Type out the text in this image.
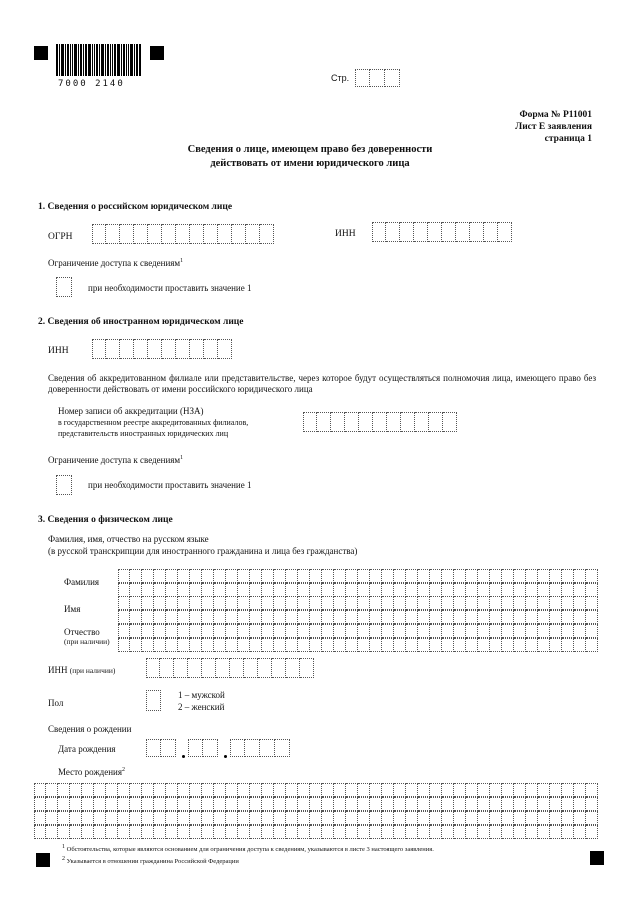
7000 2140
Стр.
Форма № Р11001
Лист Е заявления
страница 1
Сведения о лице, имеющем право без доверенности
действовать от имени юридического лица
1. Сведения о российском юридическом лице
ОГРН	ИНН
Ограничение доступа к сведениям$^1$
при необходимости проставить значение 1
2. Сведения об иностранном юридическом лице
ИНН
Сведения об аккредитованном филиале или представительстве, через которое будут осуществляться полномочия лица, имеющего право без доверенности действовать от имени российского юридического лица
Номер записи об аккредитации (НЗА)
в государственном реестре аккредитованных филиалов,
представительств иностранных юридических лиц
Ограничение доступа к сведениям$^1$
при необходимости проставить значение 1
3. Сведения о физическом лице
Фамилия, имя, отчество на русском языке
(в русской транскрипции для иностранного гражданина и лица без гражданства)
Фамилия
Имя
Отчество
(при наличии)
ИНН (при наличии)
Пол
1 – мужской
2 – женский
Сведения о рождении
Дата рождения
Место рождения$^2$
$^1$ Обстоятельства, которые являются основанием для ограничения доступа к сведениям, указываются в листе 3 настоящего заявления.
$^2$ Указывается в отношении гражданина Российской Федерации
